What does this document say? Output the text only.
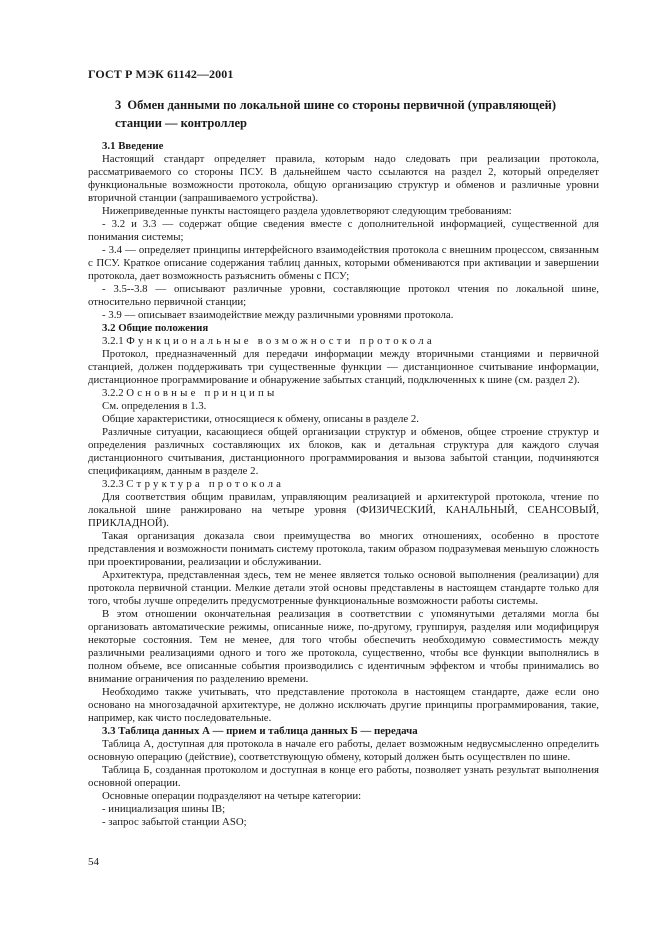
ГОСТ Р МЭК 61142—2001
3 Обмен данными по локальной шине со стороны первичной (управляющей) станции — контроллер
3.1 Введение

Настоящий стандарт определяет правила, которым надо следовать при реализации протокола, рассматриваемого со стороны ПСУ. В дальнейшем часто ссылаются на раздел 2, который определяет функциональные возможности протокола, общую организацию структур и обменов и различные уровни вторичной станции (запрашиваемого устройства).

Нижеприведенные пункты настоящего раздела удовлетворяют следующим требованиям:

- 3.2 и 3.3 — содержат общие сведения вместе с дополнительной информацией, существенной для понимания системы;

- 3.4 — определяет принципы интерфейсного взаимодействия протокола с внешним процессом, связанным с ПСУ. Краткое описание содержания таблиц данных, которыми обмениваются при активации и завершении протокола, дает возможность разъяснить обмены с ПСУ;

- 3.5--3.8 — описывают различные уровни, составляющие протокол чтения по локальной шине, относительно первичной станции;

- 3.9 — описывает взаимодействие между различными уровнями протокола.

3.2 Общие положения

3.2.1 Функциональные возможности протокола

Протокол, предназначенный для передачи информации между вторичными станциями и первичной станцией, должен поддерживать три существенные функции — дистанционное считывание информации, дистанционное программирование и обнаружение забытых станций, подключенных к шине (см. раздел 2).

3.2.2 Основные принципы

См. определения в 1.3.

Общие характеристики, относящиеся к обмену, описаны в разделе 2.

Различные ситуации, касающиеся общей организации структур и обменов, общее строение структур и определения различных составляющих их блоков, как и детальная структура для каждого случая дистанционного считывания, дистанционного программирования и вызова забытой станции, подчиняются спецификациям, данным в разделе 2.

3.2.3 Структура протокола

Для соответствия общим правилам, управляющим реализацией и архитектурой протокола, чтение по локальной шине ранжировано на четыре уровня (ФИЗИЧЕСКИЙ, КАНАЛЬНЫЙ, СЕАНСОВЫЙ, ПРИКЛАДНОЙ).

Такая организация доказала свои преимущества во многих отношениях, особенно в простоте представления и возможности понимать систему протокола, таким образом подразумевая меньшую сложность при проектировании, реализации и обслуживании.

Архитектура, представленная здесь, тем не менее является только основой выполнения (реализации) для протокола первичной станции. Мелкие детали этой основы представлены в настоящем стандарте только для того, чтобы лучше определить предусмотренные функциональные возможности работы системы.

В этом отношении окончательная реализация в соответствии с упомянутыми деталями могла бы организовать автоматические режимы, описанные ниже, по-другому, группируя, разделяя или модифицируя некоторые состояния. Тем не менее, для того чтобы обеспечить необходимую совместимость между различными реализациями одного и того же протокола, существенно, чтобы все функции выполнялись в полном объеме, все описанные события производились с идентичным эффектом и чтобы принимались во внимание ограничения по разделению времени.

Необходимо также учитывать, что представление протокола в настоящем стандарте, даже если оно основано на многозадачной архитектуре, не должно исключать другие принципы программирования, такие, например, как чисто последовательные.

3.3 Таблица данных А — прием и таблица данных Б — передача

Таблица А, доступная для протокола в начале его работы, делает возможным недвусмысленно определить основную операцию (действие), соответствующую обмену, который должен быть осуществлен по шине.

Таблица Б, созданная протоколом и доступная в конце его работы, позволяет узнать результат выполнения основной операции.

Основные операции подразделяют на четыре категории:

- инициализация шины IB;

- запрос забытой станции ASO;

54
